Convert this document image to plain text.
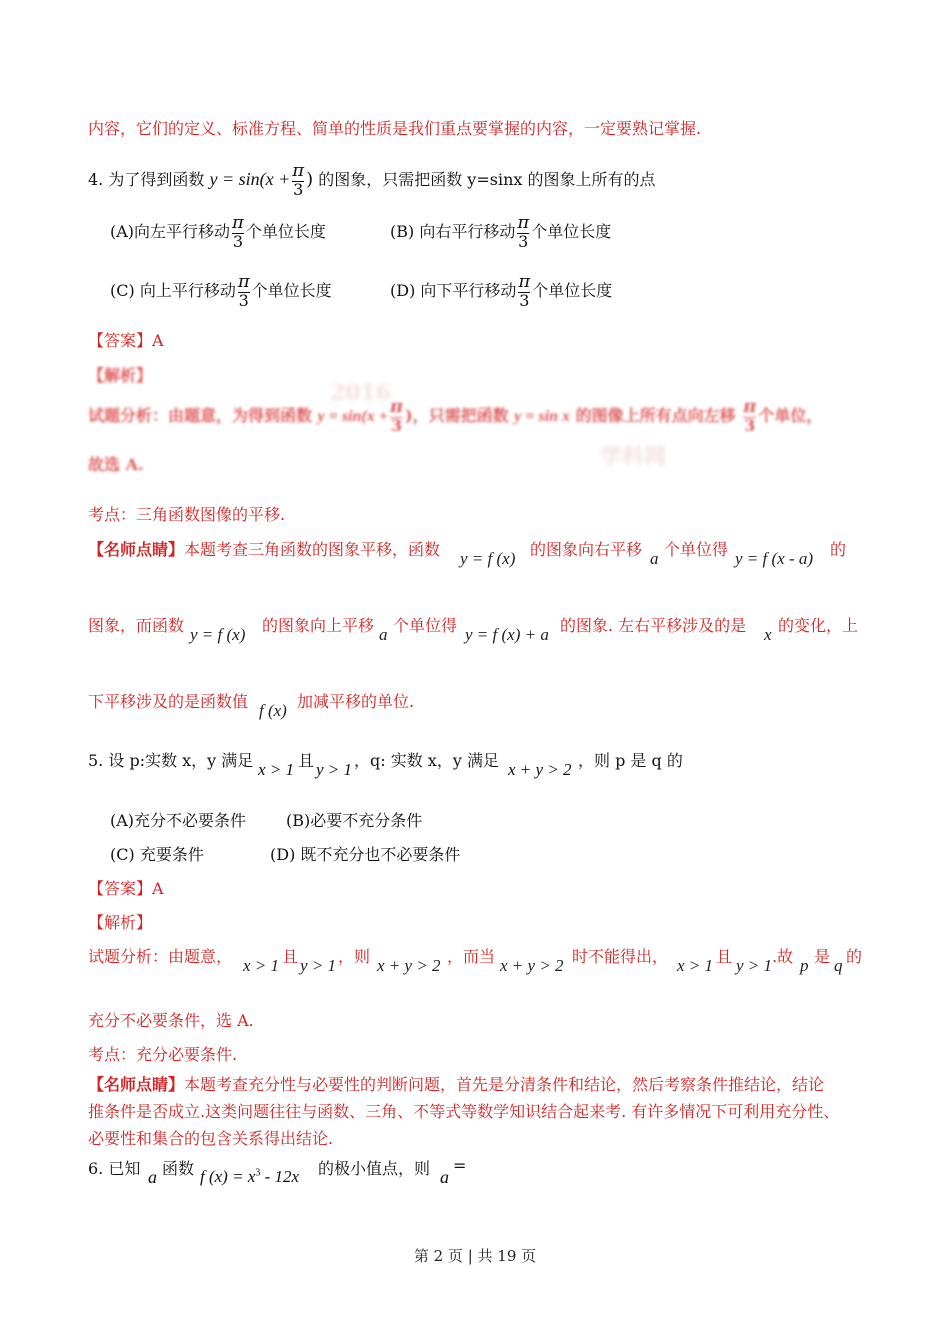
内容，它们的定义、标准方程、简单的性质是我们重点要掌握的内容，一定要熟记掌握.
4. 为了得到函数 $y = \sin(x + \frac{\pi}{3}$ ) 的图象，只需把函数 y=sinx 的图象上所有的点
(A)向左平行移动 $\frac{\pi}{3}$ 个单位长度	(B) 向右平行移动 $\frac{\pi}{3}$ 个单位长度
(C) 向上平行移动 $\frac{\pi}{3}$ 个单位长度	(D) 向下平行移动 $\frac{\pi}{3}$ 个单位长度
【答案】A
【解析】
2016
学科网
试题分析：由题意，为得到函数 $y = \sin(x + \frac{\pi}{3}$ )，只需把函数 y = sin x 的图像上所有点向左移 $\frac{\pi}{3}$ 个单位，
故选 A.
考点：三角函数图像的平移.
【名师点睛】本题考查三角函数的图象平移，函数 y = f (x) 的图象向右平移 a 个单位得 y = f (x - a) 的
图象，而函数 y = f (x) 的图象向上平移 a 个单位得 y = f (x) + a 的图象. 左右平移涉及的是 x 的变化，上
下平移涉及的是函数值 f (x) 加减平移的单位.
5. 设 p:实数 x，y 满足 x > 1 且 y > 1 ，q: 实数 x，y 满足 x + y > 2 ，则 p 是 q 的
(A)充分不必要条件 (B)必要不充分条件
(C) 充要条件	(D) 既不充分也不必要条件
【答案】A
【解析】
试题分析：由题意， x > 1 且 y > 1 ，则 x + y > 2 ，而当 x + y > 2 时不能得出， x > 1 且 y > 1 .故 p 是 q 的
充分不必要条件，选 A.
考点：充分必要条件.
【名师点睛】本题考查充分性与必要性的判断问题，首先是分清条件和结论，然后考察条件推结论，结论
推条件是否成立.这类问题往往与函数、三角、不等式等数学知识结合起来考. 有许多情况下可利用充分性、
必要性和集合的包含关系得出结论.
6. 已知 a 函数 f $(x) = x^3 - 12x$ 的极小值点，则 a
=
第 2 页 | 共 19 页
